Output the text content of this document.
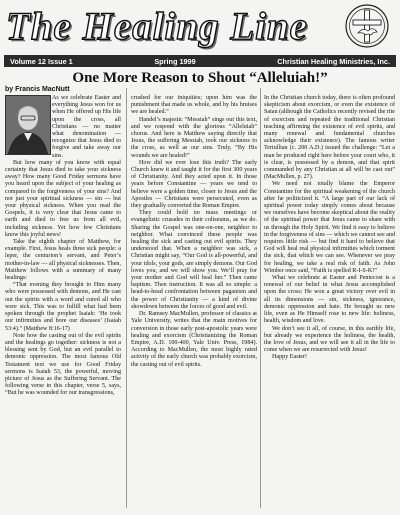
The Healing Line
Volume 12 Issue 1	Spring 1999	Christian Healing Ministries, Inc.
One More Reason to Shout “Alleluiah!”
by Francis MacNutt

As we celebrate Easter and everything Jesus won for us when He offered up His life upon the cross, all Christians — no matter what denomination — recognize that Jesus died to forgive and take away our sins.

But how many of you know with equal certainty that Jesus died to take your sickness away? How many Good Friday sermons have you heard upon the subject of your healing as compared to the forgiveness of your sins? And not just your spiritual sickness — sin — but your physical sickness. When you read the Gospels, it is very clear that Jesus came to earth and died to free us from all evil, including sickness. Yet how few Christians know this joyful news!

Take the eighth chapter of Matthew, for example. First, Jesus heals three sick people: a leper, the centurion’s servant, and Peter’s mother-in-law — all physical sicknesses. Then, Matthew follows with a summary of many healings:

“That evening they brought to Him many who were possessed with demons, and He cast out the spirits with a word and cured all who were sick. This was to fulfill what had been spoken through the prophet Isaiah: ‘He took our infirmities and bore our diseases’ (Isaiah 53:4).” (Matthew 8:16-17)

Note how the casting out of the evil spirits and the healings go together: sickness is not a blessing sent by God, but an evil parallel to demonic oppression. The most famous Old Testament text we use for Good Friday sermons is Isaiah 53, the powerful, moving picture of Jesus as the Suffering Servant. The following verse in this chapter, verse 5, says, “But he was wounded for our transgressions,

crushed for our iniquities; upon him was the punishment that made us whole, and by his bruises we are healed.”

Handel’s majestic “Messiah” sings out this text, and we respond with the glorious “Alleluiah” chorus. And here is Matthew saying directly that Jesus, the suffering Messiah, took our sickness to the cross, as well as our sins. Truly, “By His wounds we are healed!”

How did we ever lose this truth? The early Church knew it and taught it for the first 300 years of Christianity. And they acted upon it. In those years before Constantine — years we tend to believe were a golden time, closer to Jesus and the Apostles — Christians were persecuted, even as they gradually converted the Roman Empire.

They could hold no mass meetings or evangelistic crusades in their coliseums, as we do. Sharing the Gospel was one-on-one, neighbor to neighbor. What convinced these people was healing the sick and casting out evil spirits. They understood that. When a neighbor was sick, a Christian might say, “Our God is all-powerful, and your idols, your gods, are simply demons. Our God loves you, and we will show you. We’ll pray for your mother and God will heal her.” Then came baptism. Then instruction. It was all so simple: a head-to-head confrontation between paganism and the power of Christianity — a kind of divine showdown between the forces of good and evil.

Dr. Ramsey MacMullen, professor of classics at Yale University, writes that the main motives for conversion in those early post-apostolic years were healing and exorcism (Christianizing the Roman Empire, A.D. 100-400, Yale Univ. Press, 1984). According to MacMullen, the most highly rated activity of the early church was probably exorcism, the casting out of evil spirits.

In the Christian church today, there is often profound skepticism about exorcism, or even the existence of Satan (although the Catholics recently revised the rite of exorcism and repeated the traditional Christian teaching affirming the existence of evil spirits, and many renewal and fundamental churches acknowledge their existence). The famous writer Tertullian (c. 200 A.D.) issued the challenge: “Let a man be produced right here before your court who, it is clear, is possessed by a demon, and that spirit commanded by any Christian at all will be cast out” (MacMullen, p. 27).

We need not totally blame the Emperor Constantine for the spiritual weakening of the church after he politicized it. “A large part of our lack of spiritual power today simply comes about because we ourselves have become skeptical about the reality of the spiritual power that Jesus came to share with us through the Holy Spirit. We find it easy to believe in the forgiveness of sins — which we cannot see and requires little risk — but find it hard to believe that God will heal real physical infirmities which torment the sick, that which we can see. Whenever we pray for healing, we take a real risk of faith. As John Wimber once said, “Faith is spelled R-I-S-K!”

What we celebrate at Easter and Pentecost is a renewal of our belief in what Jesus accomplished upon the cross: He won a great victory over evil in all its dimensions — sin, sickness, ignorance, demonic oppression and hate. He brought us new life, even as He Himself rose to new life: holiness, health, wisdom and love.

We don’t see it all, of course, in this earthly life, but already we experience the holiness, the health, the love of Jesus, and we will see it all in the life to come when we are resurrected with Jesus!

Happy Easter!
